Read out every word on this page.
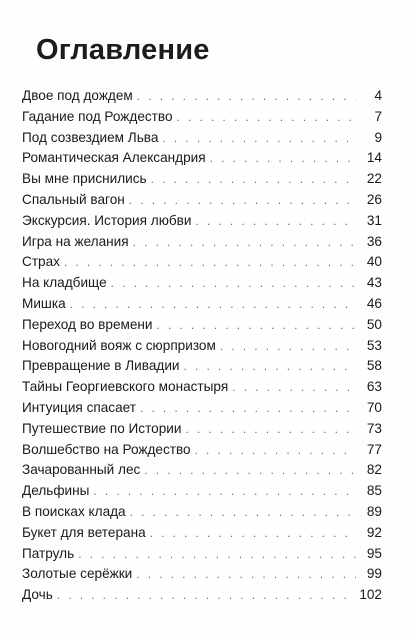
Оглавление
Двое под дождем . . .	4
Гадание под Рождество . . .	7
Под созвездием Льва . . .	9
Романтическая Александрия . . .	14
Вы мне приснились . . .	22
Спальный вагон . . .	26
Экскурсия. История любви . . .	31
Игра на желания . . .	36
Страх . . .	40
На кладбище . . .	43
Мишка . . .	46
Переход во времени . . .	50
Новогодний вояж с сюрпризом . . .	53
Превращение в Ливадии . . .	58
Тайны Георгиевского монастыря . . .	63
Интуиция спасает . . .	70
Путешествие по Истории . . .	73
Волшебство на Рождество . . .	77
Зачарованный лес . . .	82
Дельфины . . .	85
В поисках клада . . .	89
Букет для ветерана . . .	92
Патруль . . .	95
Золотые серёжки . . .	99
Дочь . . .	102
